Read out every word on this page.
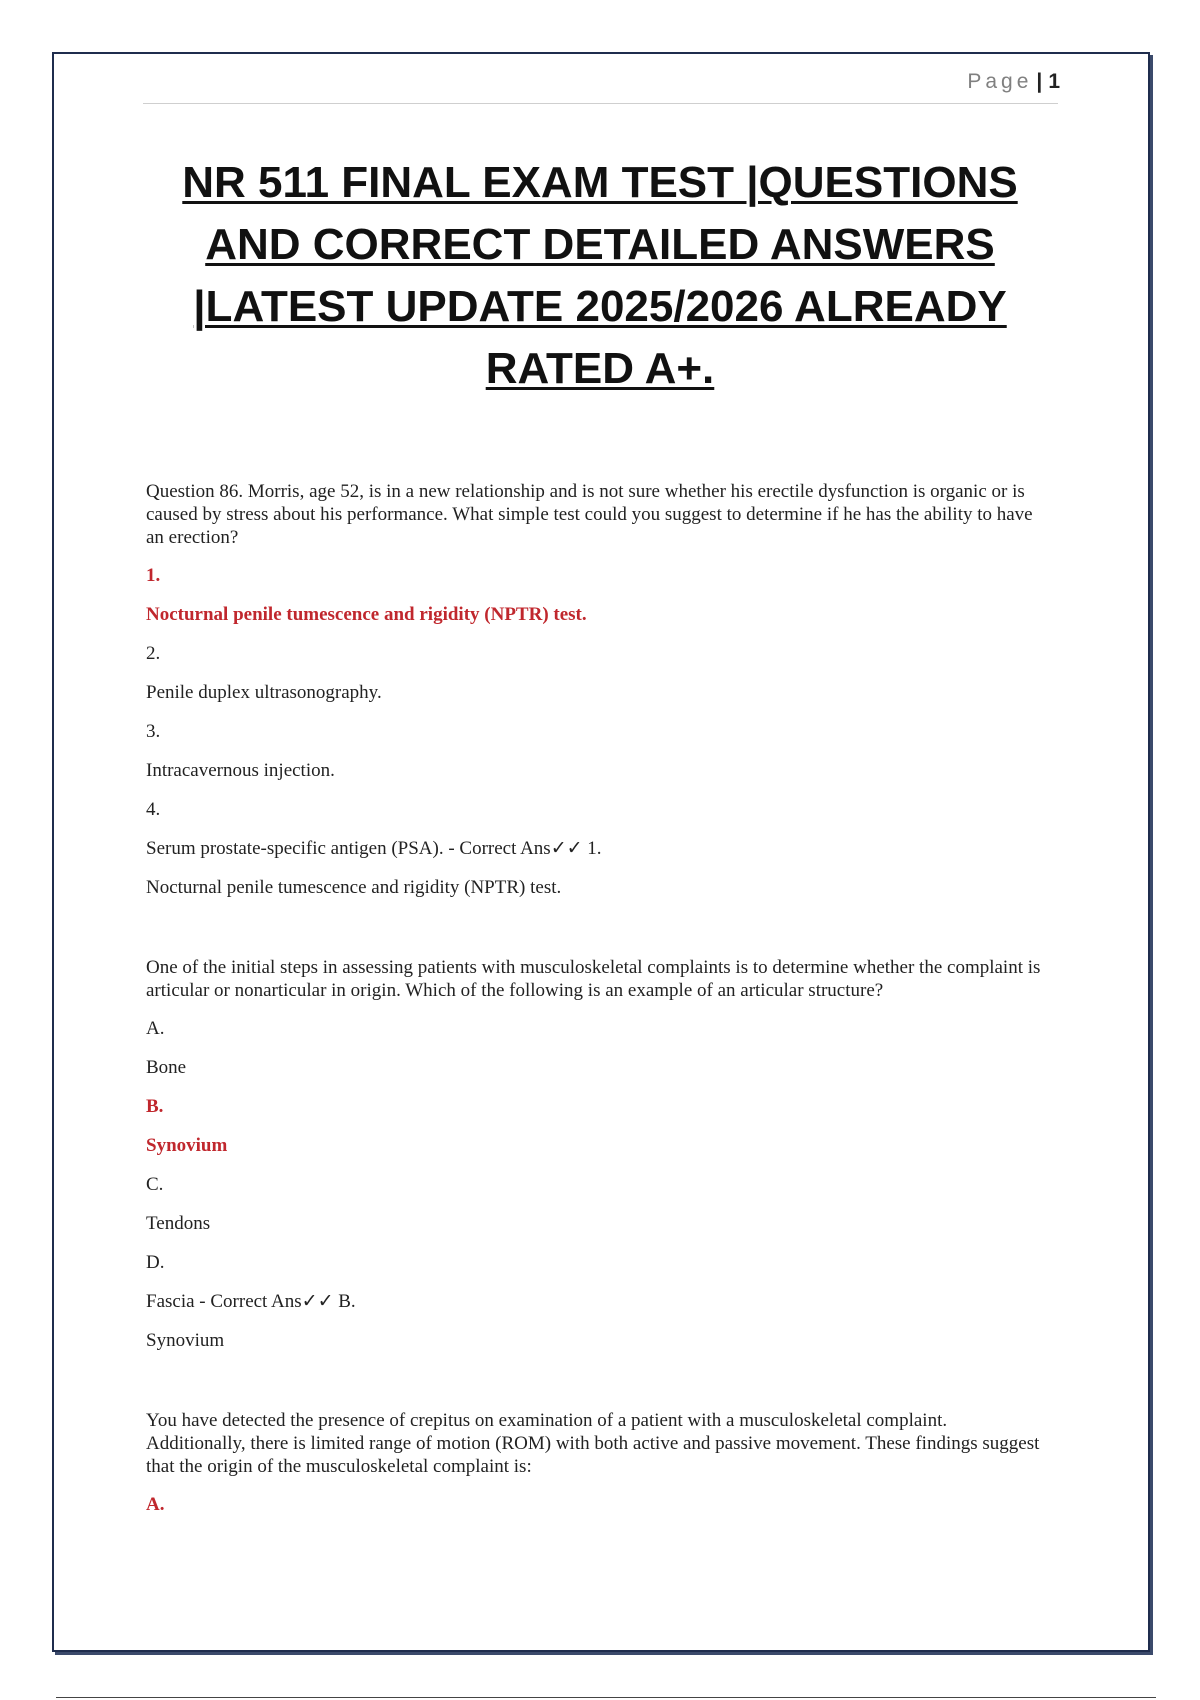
Page | 1
NR 511 FINAL EXAM TEST |QUESTIONS AND CORRECT DETAILED ANSWERS |LATEST UPDATE 2025/2026 ALREADY RATED A+.

Question 86. Morris, age 52, is in a new relationship and is not sure whether his erectile dysfunction is organic or is caused by stress about his performance. What simple test could you suggest to determine if he has the ability to have an erection?

1.

Nocturnal penile tumescence and rigidity (NPTR) test.

2.

Penile duplex ultrasonography.

3.

Intracavernous injection.

4.

Serum prostate-specific antigen (PSA). - Correct Ans✓✓ 1.

Nocturnal penile tumescence and rigidity (NPTR) test.

One of the initial steps in assessing patients with musculoskeletal complaints is to determine whether the complaint is articular or nonarticular in origin. Which of the following is an example of an articular structure?

A.

Bone

B.

Synovium

C.

Tendons

D.

Fascia - Correct Ans✓✓ B.

Synovium

You have detected the presence of crepitus on examination of a patient with a musculoskeletal complaint. Additionally, there is limited range of motion (ROM) with both active and passive movement. These findings suggest that the origin of the musculoskeletal complaint is:

A.
